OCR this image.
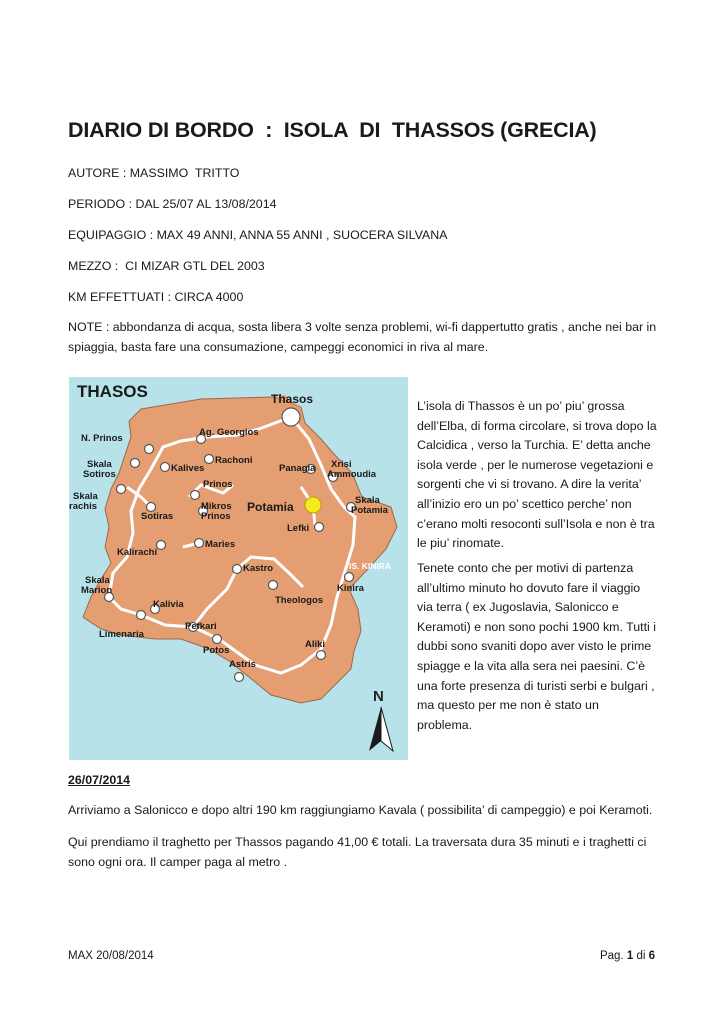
DIARIO DI BORDO  :  ISOLA  DI  THASSOS (GRECIA)
AUTORE : MASSIMO  TRITTO
PERIODO : DAL 25/07 AL 13/08/2014
EQUIPAGGIO : MAX 49 ANNI, ANNA 55 ANNI , SUOCERA SILVANA
MEZZO :  CI MIZAR GTL DEL 2003
KM EFFETTUATI : CIRCA 4000

NOTE : abbondanza di acqua, sosta libera 3 volte senza problemi, wi-fi dappertutto gratis , anche nei bar in spiaggia, basta fare una consumazione, campeggi economici in riva al mare.

THASOS	Thasos
N. Prinos
Ag. Georgios
Rachoni
Kalives
Skala Sotiros
Prinos
Panagia	Xrisi Ammoudia
Skala rachis
Sotiras
Mikros Prinos
Potamia	Skala Potamia
Lefki
Kalirachi
Maries
Kastro	IS. KINIRA
Kinira
Skala Marion
Kalivia	Theologos
Limenaria
Pefkari
Potos
Aliki
Astris
N

L’isola di Thassos è un po’ piu’ grossa dell’Elba, di forma circolare, si trova dopo la Calcidica , verso la Turchia. E’ detta anche isola verde , per le numerose vegetazioni e sorgenti che vi si trovano. A dire la verita’ all’inizio ero un po’ scettico perche’ non c’erano molti resoconti sull’Isola e non è tra le piu’ rinomate.

Tenete conto che per motivi di partenza all’ultimo minuto ho dovuto fare il viaggio via terra ( ex Jugoslavia, Salonicco e Keramoti) e non sono pochi 1900 km. Tutti i dubbi sono svaniti dopo aver visto le prime spiagge e la vita alla sera nei paesini. C’è una forte presenza di turisti serbi e bulgari , ma questo per me non è stato un problema.

26/07/2014

Arriviamo a Salonicco e dopo altri 190 km raggiungiamo Kavala ( possibilita’ di campeggio) e poi Keramoti.

Qui prendiamo il traghetto per Thassos pagando 41,00 € totali. La traversata dura 35 minuti e i traghetti ci sono ogni ora. Il camper paga al metro .

MAX 20/08/2014	Pag. 1 di 6
